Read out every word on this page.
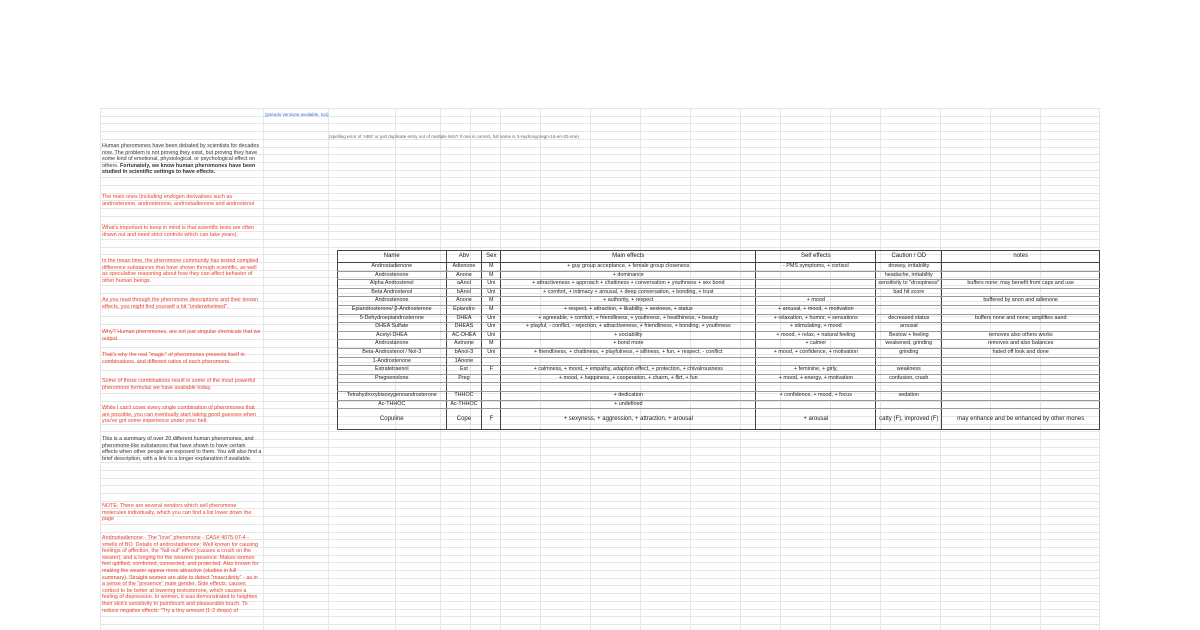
(pseudo versions available, too)
(spelling error of 'ABS' or just duplicate entry out of multiple lists? If one is correct, full name is 3-Hydroxypregn-16-en-20-one)
Human pheromones have been debated by scientists for decades now. The problem is not proving they exist, but proving they have some kind of emotional, physiological, or psychological effect on others. Fortunately, we know human pheromones have been studied in scientific settings to have effects.
The main ones (including endogen derivatives such as androstenone, androstenone, androstadienone and androstenol
What's important to keep in mind is that scientific tests are often drawn out and need strict controls which can take years).
In the mean time, the pheromone community has tested compiled difference substances that have shown through scientific, as well as speculative reasoning about how they can affect behavior of other human beings.
As you read through the pheromone descriptions and their known effects, you might find yourself a bit "underwhelmed".
Why? Human pheromones, are not just singular chemicals that we output.
That's why the real "magic" of pheromones presents itself in combinations, and different ratios of each pheromone.
Some of those combinations result in some of the most powerful pheromone formulas we have available today.
While I can't cover every single combination of pheromones that are possible, you can eventually start taking good guesses when you've got some experience under your belt.
This is a summary of over 20 different human pheromones, and pheromone-like substances that have shown to have certain effects when other people are exposed to them. You will also find a brief description, with a link to a longer explanation if available.
NOTE: There are several vendors which sell pheromone molecules individually, which you can find a list lower down the page
Androstadienone - The "love" pheromone - CAS# 4075-07-4 - smells of BO. Details of androstadienone: Well known for causing feelings of affection, the "fall-out" effect (causes a crush on the wearer), and a longing for the wearers presence. Makes women feel uplifted, comforted, connected, and protected. Also known for making the wearer appear more attractive (studies in full summary). Straight women are able to detect "masculinity" - as in a sense of the "presence" male gender. Side effects: causes cortisol to be better at lowering testosterone, which causes a feeling of depression. In women, it was demonstrated to heighten their skin's sensitivity to pain/touch and pleasurable touch. To reduce negative effects: "Try a tiny amount (1-2 drops) of
Name	Abv	Sex	Main effects	Self effects	Caution / OD	notes
Androstadienone	Adienone	M	+ guy group acceptance, + female group closeness	- PMS symptoms, + cortisol	drowsy, irritability	
Androstenone	Anone	M	+ dominance		headache, irritability	
Alpha Androstenol	aAnol	Uni	+ attractiveness + approach + chattiness + conversation + youthness + sex bond		sensitivity to "droopiness"	buffers none; may benefit from caps and use
Beta Androstenol	bAnol	Uni	+ comfort, + intimacy + arousal, + deep conversation, + bonding, + trust		bad hit score	
Androstenone	Anone	M	+ authority, + respect	+ mood		buffered by anon and adienone
Epiandrosterone/ β-Androsterone	Epiandro	M	+ respect, + attraction, + likability, + sexiness, + status	+ arousal, + mood, + motivation		
5-Dehydroepiandrosterone	DHEA	Uni	+ agreeable, + comfort, + friendliness, + youthness, + healthiness, + beauty	+ relaxation, + humor, + sensations	decreased status	buffers none and none; amplifies aand
DHEA Sulfate	DHEAS	Uni	+ playful, - conflict, - rejection, + attractiveness, + friendliness, + bonding, + youthness	+ stimulating, + mood	arousal	
Acetyl-DHEA	AC-DHEA	Uni	+ sociability	+ mood, + relax, + natural feeling	Bestow + feeling	removes also others works
Androstanone	Astnone	M	+ bond more	+ calmer	weakened, grinding	removes and also balances
Beta-Androstenol / Nol-3	bAnol-3	Uni	+ friendliness, + chattiness, + playfulness, + silliness, + fun, + respect, - conflict	+ mood, + confidence, + motivation	grinding	hated off look and done
1-Androstenone	1Anone					
Estratetraenol	Est	F	+ calmness, + mood, + empathy, adaption effect, + protection, + chivalrousness	+ feminine, + girly,	weakness	
Pregnenolone	Preg		+ mood, + happiness, + cooperation, + charm, + flirt, + fun	+ mood, + energy, + motivation	confusion, crash	

Tetrahydroxybisoxygenoandrosterone	THHOC		+ dedication	+ confidence, + mood, + focus	sedation	
Ac-THHOC	Ac-THHOC		+ undefined			
Copuline	Cope	F	+ sexyness, + aggression, + attraction, + arousal	+ arousal	catty (F), improved (F)	may enhance and be enhanced by other mones
